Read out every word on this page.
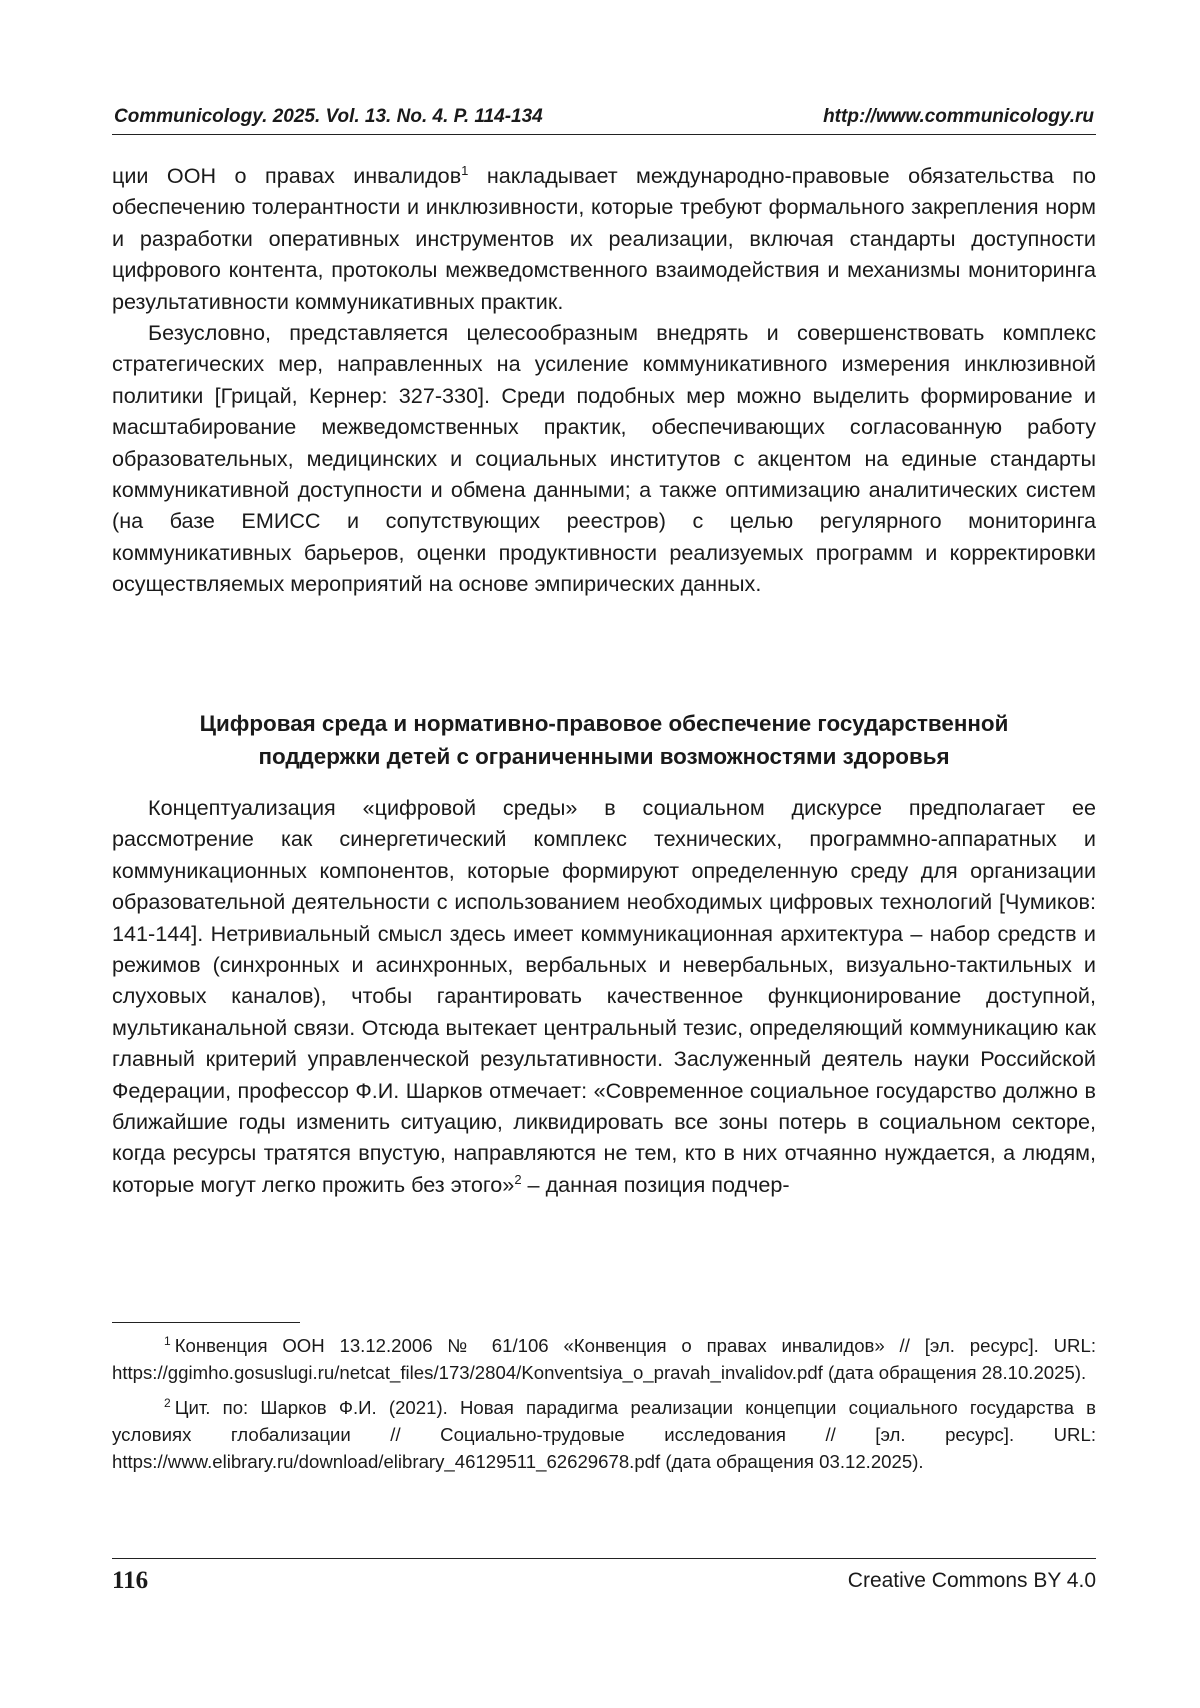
Communicology. 2025. Vol. 13. No. 4. P. 114-134	http://www.communicology.ru

ции ООН о правах инвалидов$^1$ накладывает международно-правовые обязательства по обеспечению толерантности и инклюзивности, которые требуют формального закрепления норм и разработки оперативных инструментов их реализации, включая стандарты доступности цифрового контента, протоколы межведомственного взаимодействия и механизмы мониторинга результативности коммуникативных практик.

Безусловно, представляется целесообразным внедрять и совершенствовать комплекс стратегических мер, направленных на усиление коммуникативного измерения инклюзивной политики [Грицай, Кернер: 327-330]. Среди подобных мер можно выделить формирование и масштабирование межведомственных практик, обеспечивающих согласованную работу образовательных, медицинских и социальных институтов с акцентом на единые стандарты коммуникативной доступности и обмена данными; а также оптимизацию аналитических систем (на базе ЕМИСС и сопутствующих реестров) с целью регулярного мониторинга коммуникативных барьеров, оценки продуктивности реализуемых программ и корректировки осуществляемых мероприятий на основе эмпирических данных.

Цифровая среда и нормативно-правовое обеспечение государственной
поддержки детей с ограниченными возможностями здоровья

Концептуализация «цифровой среды» в социальном дискурсе предполагает ее рассмотрение как синергетический комплекс технических, программно-аппаратных и коммуникационных компонентов, которые формируют определенную среду для организации образовательной деятельности с использованием необходимых цифровых технологий [Чумиков: 141-144]. Нетривиальный смысл здесь имеет коммуникационная архитектура – набор средств и режимов (синхронных и асинхронных, вербальных и невербальных, визуально-тактильных и слуховых каналов), чтобы гарантировать качественное функционирование доступной, мультиканальной связи. Отсюда вытекает центральный тезис, определяющий коммуникацию как главный критерий управленческой результативности. Заслуженный деятель науки Российской Федерации, профессор Ф.И. Шарков отмечает: «Современное социальное государство должно в ближайшие годы изменить ситуацию, ликвидировать все зоны потерь в социальном секторе, когда ресурсы тратятся впустую, направляются не тем, кто в них отчаянно нуждается, а людям, которые могут легко прожить без этого»$^2$ – данная позиция подчер-

$^1$ Конвенция ООН 13.12.2006 № 61/106 «Конвенция о правах инвалидов» // [эл. ресурс]. URL: https://ggimho.gosuslugi.ru/netcat_files/173/2804/Konventsiya_o_pravah_invalidov.pdf (дата обращения 28.10.2025).

$^2$ Цит. по: Шарков Ф.И. (2021). Новая парадигма реализации концепции социального государства в условиях глобализации // Социально-трудовые исследования // [эл. ресурс]. URL: https://www.elibrary.ru/download/elibrary_46129511_62629678.pdf (дата обращения 03.12.2025).

116	Creative Commons BY 4.0
